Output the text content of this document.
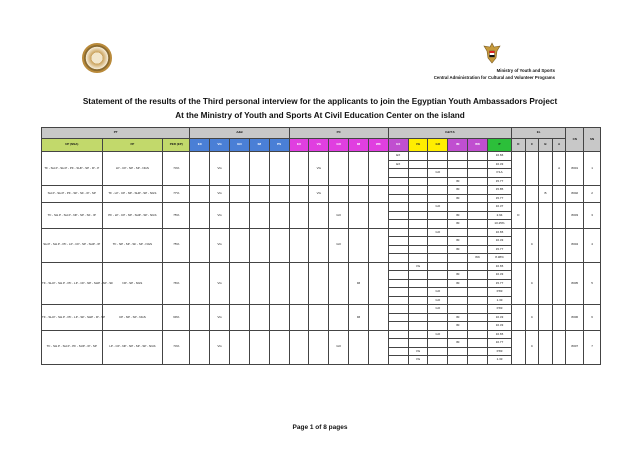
Ministry of Youth and Sports
Central Administration for Cultural and Volunteer Programs
Statement of the results of the Third personal interview for the applicants to join the Egyptian Youth Ambassadors Project
At the Ministry of Youth and Sports At Civil Education Center on the island
PT			A&B					PC					C&IT.S						EL				CN	SN
UP (NSA)	FP	PER (EP)	EX	VG	GO	IM	PS	EX	VG	GO	IM	WK	EX	VG	GO	IM	WK	P	D	C	B	A		
TF - SH.P - SH.P - PF - SUP - SP - IP - P	LP - CP - NP - SP - NGS	74%		VG					VG				EX					16.66				A	8001	1
													EX					16.33						
															GO			P.1A						
																IM		15.77						
SH.P - SH.P - PF - SP - SF - IP - SP	TF - LP - CP - NP - SHP - SP - NGS	77%		VG					VG							IM		15.85			B		8002	2
																IM		15.77						
TF - SH.P - SH.P - NP - SP - SF - IP	PF - LP - CP - NP - SHP - SP - NGS	75%		VG						GO					GO			16.37	D				8003	3
																IM		2.94						
																IM		10.25%						
SH.P - SH.P - PF - LP - CP - SP - SHP - IP	TF - NP - SP - SF - SP - NGS	75%		VG						GO					GO			16.65		C			8004	4
																IM		16.33						
																IM		15.77						
																	WK	8.38%						
TF - SH.P - SH.P - PF - LP - CP - NP - SHP - SP - SF	NP - SP - NGS	76%		VG							IM			VG				16.65		C			8005	5
																IM		16.33						
																IM		15.77						
															GO			P.83						
															GO			1.33						
TF - SH.P - SH.P - PF - LP - SP - SHP - IP - SP	CP - NP - SP - NGS	69%		VG							IM				GO			P.83		C			8006	6
																IM		16.33						
																IM		16.33						
TF - SH.P - SH.P - PF - SUP - IP - SP	LP - CP - NP - NP - SP - SP - NGS	74%		VG						GO					GO			16.65		C			8007	7
																IM		16.77						
														VG				P.83						
														VG				1.33						
Page 1 of 8 pages
